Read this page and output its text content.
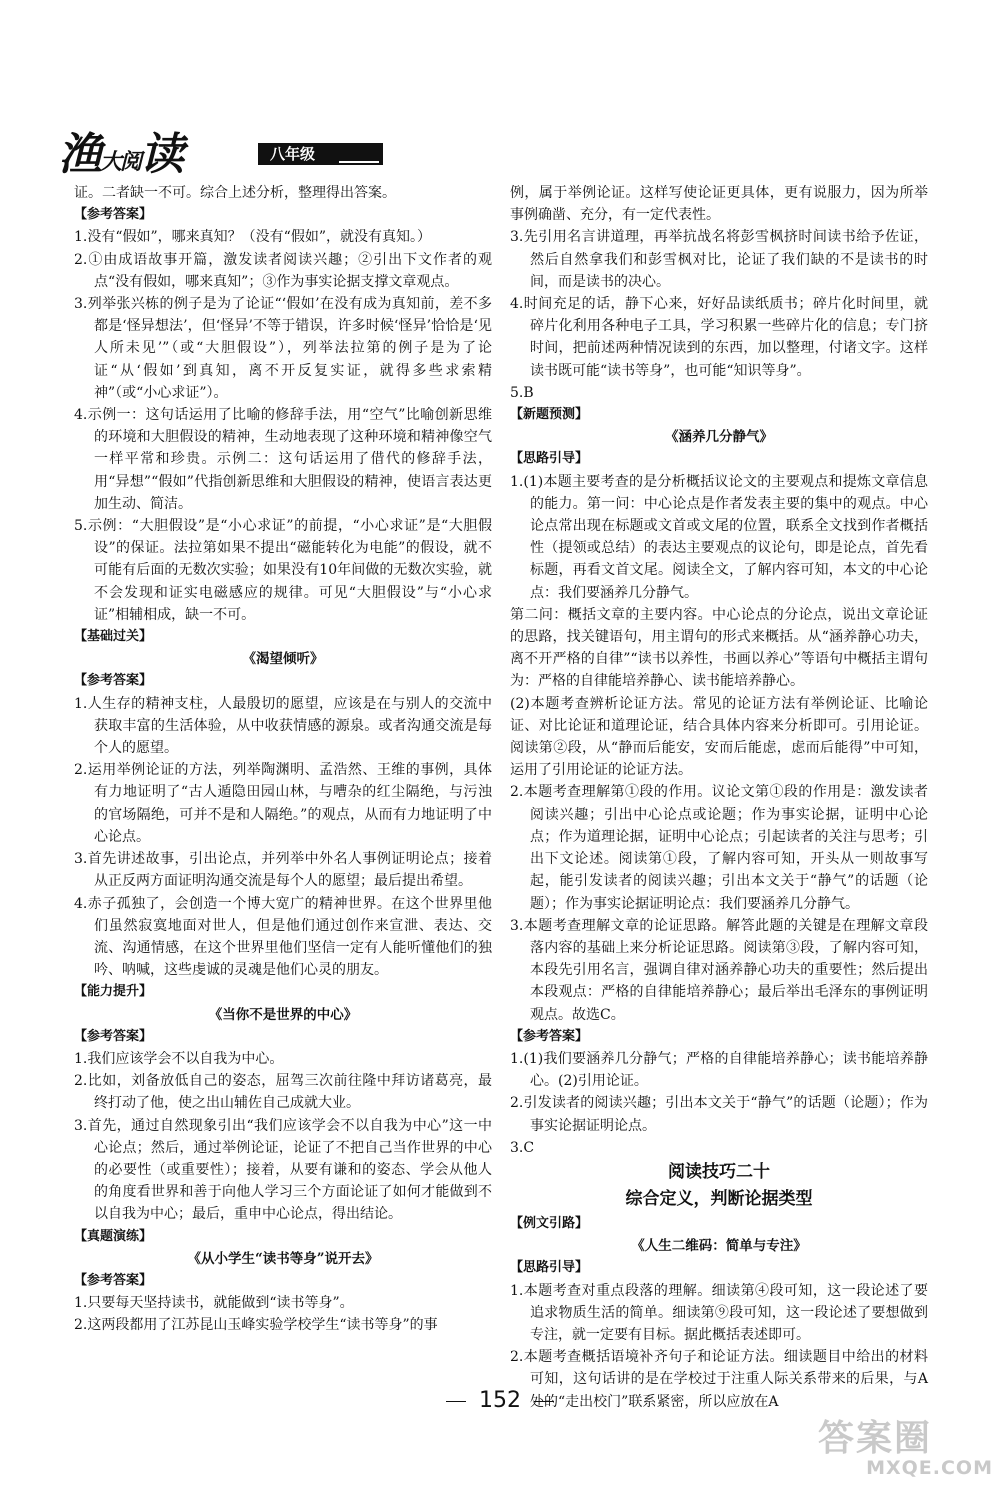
渔大阅读	八年级

证。二者缺一不可。综合上述分析，整理得出答案。

【参考答案】

1.没有“假如”，哪来真知？（没有“假如”，就没有真知。）

2.①由成语故事开篇，激发读者阅读兴趣；②引出下文作者的观点“没有假如，哪来真知”；③作为事实论据支撑文章观点。

3.列举张兴栋的例子是为了论证“‘假如’在没有成为真知前，差不多都是‘怪异想法’，但‘怪异’不等于错误，许多时候‘怪异’恰恰是‘见人所未见’”（或“大胆假设”），列举法拉第的例子是为了论证“从‘假如’到真知，离不开反复实证，就得多些求索精神”（或“小心求证”）。

4.示例一：这句话运用了比喻的修辞手法，用“空气”比喻创新思维的环境和大胆假设的精神，生动地表现了这种环境和精神像空气一样平常和珍贵。示例二：这句话运用了借代的修辞手法，用“异想”“假如”代指创新思维和大胆假设的精神，使语言表达更加生动、简洁。

5.示例：“大胆假设”是“小心求证”的前提，“小心求证”是“大胆假设”的保证。法拉第如果不提出“磁能转化为电能”的假设，就不可能有后面的无数次实验；如果没有10年间做的无数次实验，就不会发现和证实电磁感应的规律。可见“大胆假设”与“小心求证”相辅相成，缺一不可。

【基础过关】

《渴望倾听》

【参考答案】

1.人生存的精神支柱，人最殷切的愿望，应该是在与别人的交流中获取丰富的生活体验，从中收获情感的源泉。或者沟通交流是每个人的愿望。

2.运用举例论证的方法，列举陶渊明、孟浩然、王维的事例，具体有力地证明了“古人遁隐田园山林，与嘈杂的红尘隔绝，与污浊的官场隔绝，可并不是和人隔绝。”的观点，从而有力地证明了中心论点。

3.首先讲述故事，引出论点，并列举中外名人事例证明论点；接着从正反两方面证明沟通交流是每个人的愿望；最后提出希望。

4.赤子孤独了，会创造一个博大宽广的精神世界。在这个世界里他们虽然寂寞地面对世人，但是他们通过创作来宣泄、表达、交流、沟通情感，在这个世界里他们坚信一定有人能听懂他们的独吟、呐喊，这些虔诚的灵魂是他们心灵的朋友。

【能力提升】

《当你不是世界的中心》

【参考答案】

1.我们应该学会不以自我为中心。

2.比如，刘备放低自己的姿态，屈驾三次前往隆中拜访诸葛亮，最终打动了他，使之出山辅佐自己成就大业。

3.首先，通过自然现象引出“我们应该学会不以自我为中心”这一中心论点；然后，通过举例论证，论证了不把自己当作世界的中心的必要性（或重要性）；接着，从要有谦和的姿态、学会从他人的角度看世界和善于向他人学习三个方面论证了如何才能做到不以自我为中心；最后，重申中心论点，得出结论。

【真题演练】

《从小学生“读书等身”说开去》

【参考答案】

1.只要每天坚持读书，就能做到“读书等身”。

2.这两段都用了江苏昆山玉峰实验学校学生“读书等身”的事

例，属于举例论证。这样写使论证更具体，更有说服力，因为所举事例确凿、充分，有一定代表性。

3.先引用名言讲道理，再举抗战名将彭雪枫挤时间读书给予佐证，然后自然拿我们和彭雪枫对比，论证了我们缺的不是读书的时间，而是读书的决心。

4.时间充足的话，静下心来，好好品读纸质书；碎片化时间里，就碎片化利用各种电子工具，学习积累一些碎片化的信息；专门挤时间，把前述两种情况读到的东西，加以整理，付诸文字。这样读书既可能“读书等身”，也可能“知识等身”。

5.B

【新题预测】

《涵养几分静气》

【思路引导】

1.(1)本题主要考查的是分析概括议论文的主要观点和提炼文章信息的能力。第一问：中心论点是作者发表主要的集中的观点。中心论点常出现在标题或文首或文尾的位置，联系全文找到作者概括性（提领或总结）的表达主要观点的议论句，即是论点，首先看标题，再看文首文尾。阅读全文，了解内容可知，本文的中心论点：我们要涵养几分静气。

第二问：概括文章的主要内容。中心论点的分论点，说出文章论证的思路，找关键语句，用主谓句的形式来概括。从“涵养静心功夫，离不开严格的自律”“读书以养性，书画以养心”等语句中概括主谓句为：严格的自律能培养静心、读书能培养静心。

(2)本题考查辨析论证方法。常见的论证方法有举例论证、比喻论证、对比论证和道理论证，结合具体内容来分析即可。引用论证。阅读第②段，从“静而后能安，安而后能虑，虑而后能得”中可知，运用了引用论证的论证方法。

2.本题考查理解第①段的作用。议论文第①段的作用是：激发读者阅读兴趣；引出中心论点或论题；作为事实论据，证明中心论点；作为道理论据，证明中心论点；引起读者的关注与思考；引出下文论述。阅读第①段，了解内容可知，开头从一则故事写起，能引发读者的阅读兴趣；引出本文关于“静气”的话题（论题）；作为事实论据证明论点：我们要涵养几分静气。

3.本题考查理解文章的论证思路。解答此题的关键是在理解文章段落内容的基础上来分析论证思路。阅读第③段，了解内容可知，本段先引用名言，强调自律对涵养静心功夫的重要性；然后提出本段观点：严格的自律能培养静心；最后举出毛泽东的事例证明观点。故选C。

【参考答案】

1.(1)我们要涵养几分静气；严格的自律能培养静心；读书能培养静心。(2)引用论证。

2.引发读者的阅读兴趣；引出本文关于“静气”的话题（论题）；作为事实论据证明论点。

3.C

阅读技巧二十

综合定义，判断论据类型

【例文引路】

《人生二维码：简单与专注》

【思路引导】

1.本题考查对重点段落的理解。细读第④段可知，这一段论述了要追求物质生活的简单。细读第⑨段可知，这一段论述了要想做到专注，就一定要有目标。据此概括表述即可。

2.本题考查概括语境补齐句子和论证方法。细读题目中给出的材料可知，这句话讲的是在学校过于注重人际关系带来的后果，与A处的“走出校门”联系紧密，所以应放在A

152
答案圈
MXQE.COM
